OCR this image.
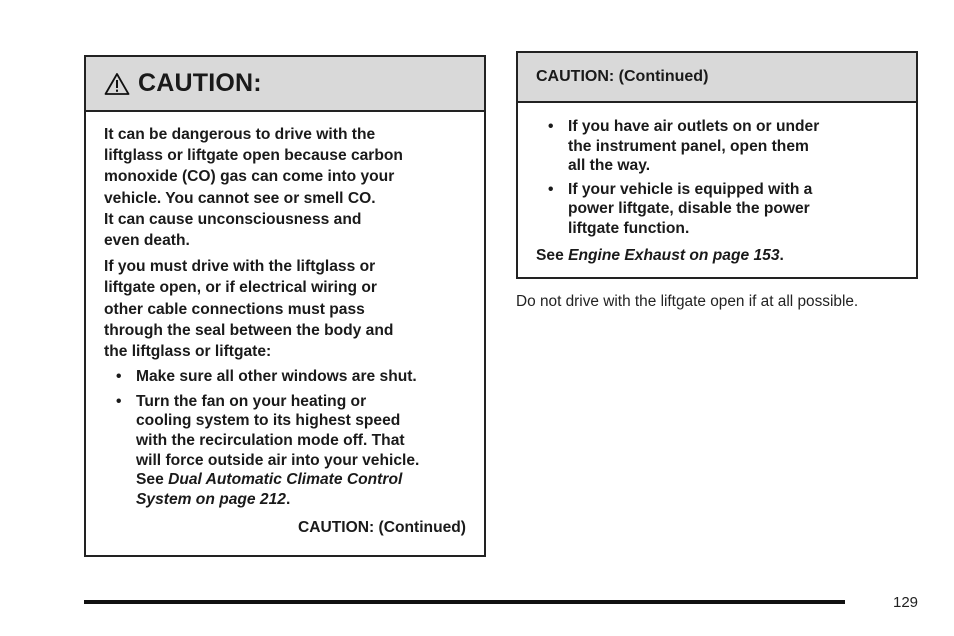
CAUTION:

It can be dangerous to drive with the
liftglass or liftgate open because carbon
monoxide (CO) gas can come into your
vehicle. You cannot see or smell CO.
It can cause unconsciousness and
even death.

If you must drive with the liftglass or
liftgate open, or if electrical wiring or
other cable connections must pass
through the seal between the body and
the liftglass or liftgate:

• Make sure all other windows are shut.
• Turn the fan on your heating or
cooling system to its highest speed
with the recirculation mode off. That
will force outside air into your vehicle.
See Dual Automatic Climate Control
System on page 212.
CAUTION: (Continued)
CAUTION: (Continued)
• If you have air outlets on or under
the instrument panel, open them
all the way.
• If your vehicle is equipped with a
power liftgate, disable the power
liftgate function.
See Engine Exhaust on page 153.
Do not drive with the liftgate open if at all possible.
129
